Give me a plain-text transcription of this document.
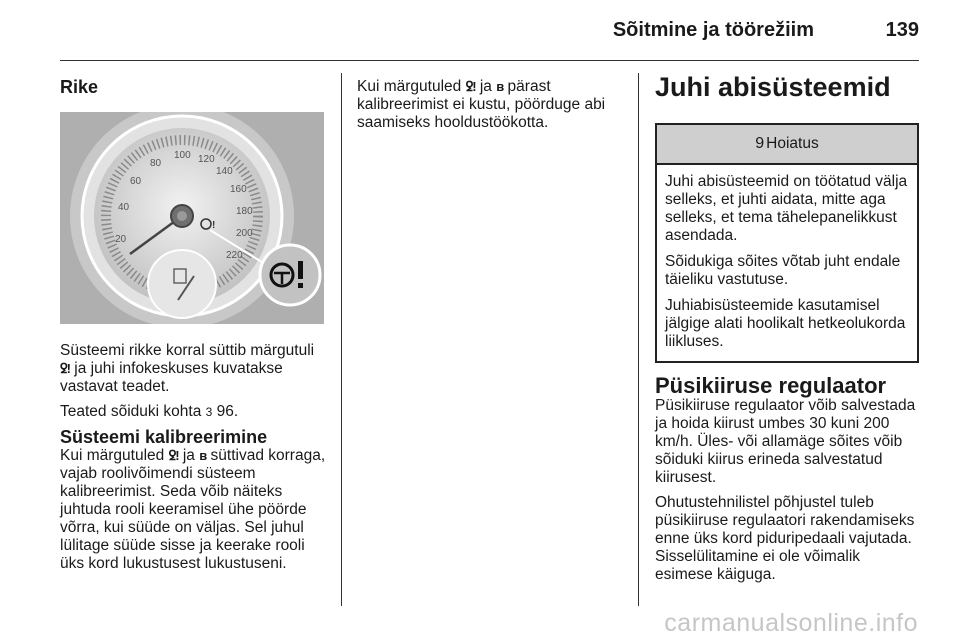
Sõitmine ja töörežiim	139
Rike
20
40
60
80
100 120
140
160
180
200
220
!

Süsteemi rikke korral süttib märgutuli ꝿ! ja juhi infokeskuses kuvatakse vastavat teadet.

Teated sõiduki kohta 3 96.

Süsteemi kalibreerimine

Kui märgutuled ꝿ! ja ʙ süttivad korraga, vajab roolivõimendi süsteem kalibreerimist. Seda võib näiteks juhtuda rooli keeramisel ühe pöörde võrra, kui süüde on väljas. Sel juhul lülitage süüde sisse ja keerake rooli üks kord lukustusest lukustuseni.

Kui märgutuled ꝿ! ja ʙ pärast kalibreerimist ei kustu, pöörduge abi saamiseks hooldustöökotta.

Juhi abisüsteemid
9 Hoiatus

Juhi abisüsteemid on töötatud välja selleks, et juhti aidata, mitte aga selleks, et tema tähelepanelikkust asendada.

Sõidukiga sõites võtab juht endale täieliku vastutuse.

Juhiabisüsteemide kasutamisel jälgige alati hoolikalt hetkeolukorda liikluses.

Püsikiiruse regulaator

Püsikiiruse regulaator võib salvestada ja hoida kiirust umbes 30 kuni 200 km/h. Üles- või allamäge sõites võib sõiduki kiirus erineda salvestatud kiirusest.

Ohutustehnilistel põhjustel tuleb püsikiiruse regulaatori rakendamiseks enne üks kord piduripedaali vajutada. Sisselülitamine ei ole võimalik esimese käiguga.

carmanualsonline.info
